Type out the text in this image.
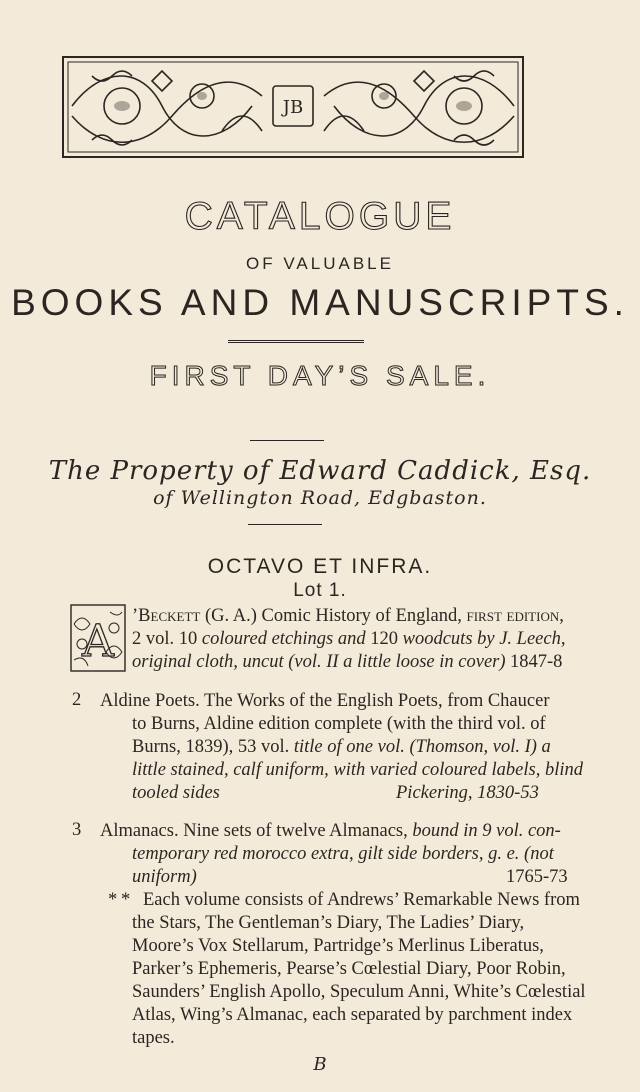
JB
CATALOGUE
OF VALUABLE
BOOKS AND MANUSCRIPTS.
FIRST DAY’S SALE.
The Property of Edward Caddick, Esq.
of Wellington Road, Edgbaston.
OCTAVO ET INFRA.
Lot 1.
A ’Beckett (G. A.) Comic History of England, first edition,
2 vol. 10 coloured etchings and 120 woodcuts by J. Leech,
original cloth, uncut (vol. II a little loose in cover) 1847-8
2 Aldine Poets. The Works of the English Poets, from Chaucer
to Burns, Aldine edition complete (with the third vol. of
Burns, 1839), 53 vol. title of one vol. (Thomson, vol. I) a
little stained, calf uniform, with varied coloured labels, blind
tooled sides	Pickering, 1830-53
3 Almanacs. Nine sets of twelve Almanacs, bound in 9 vol. con-
temporary red morocco extra, gilt side borders, g. e. (not
uniform)	1765-73
* * Each volume consists of Andrews’ Remarkable News from
the Stars, The Gentleman’s Diary, The Ladies’ Diary,
Moore’s Vox Stellarum, Partridge’s Merlinus Liberatus,
Parker’s Ephemeris, Pearse’s Cœlestial Diary, Poor Robin,
Saunders’ English Apollo, Speculum Anni, White’s Cœlestial
Atlas, Wing’s Almanac, each separated by parchment index
tapes.
B
